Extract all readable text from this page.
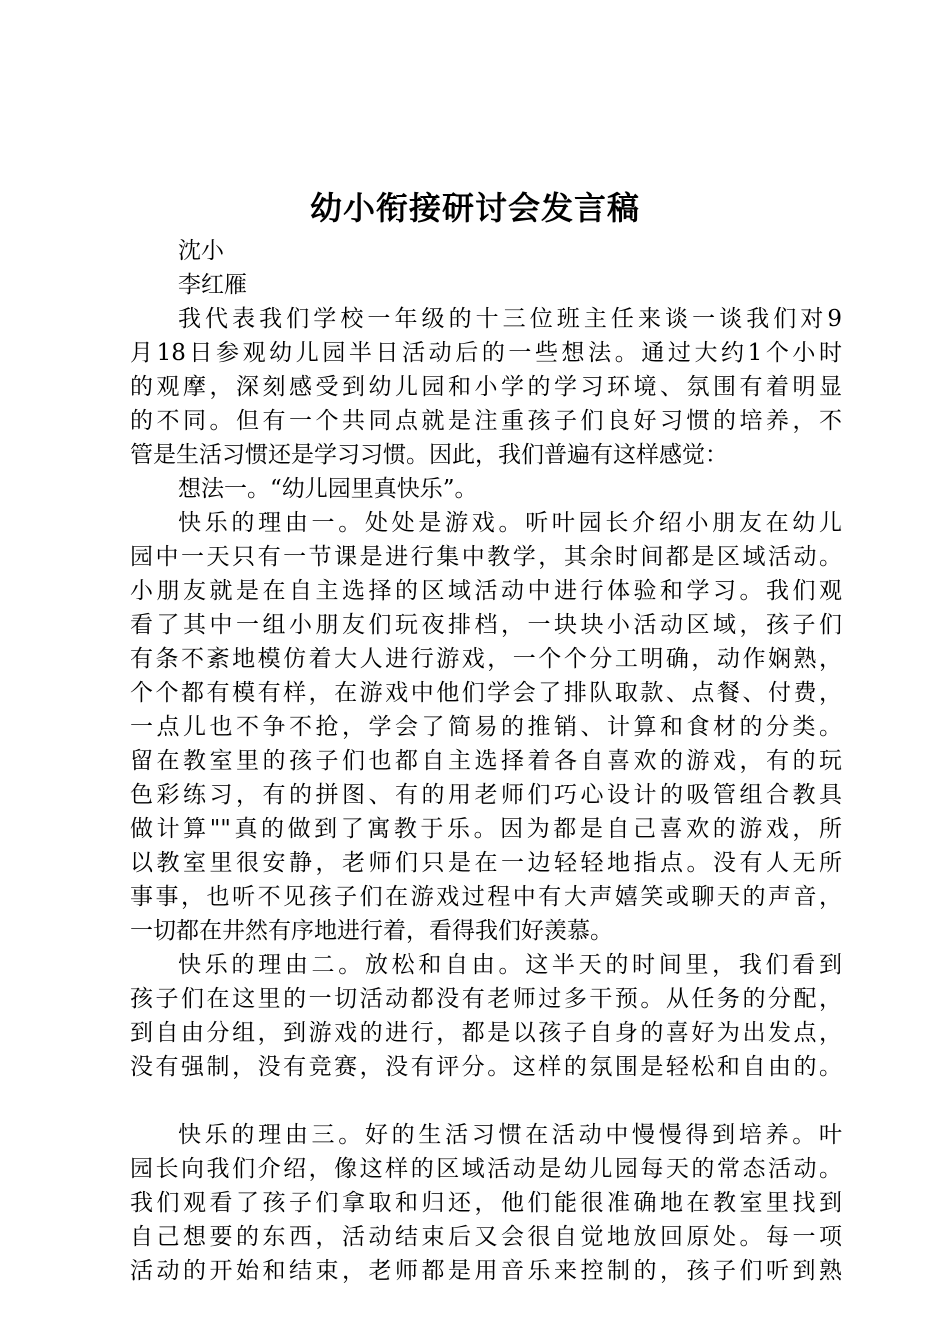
幼小衔接研讨会发言稿
沈小
李红雁
我代表我们学校一年级的十三位班主任来谈一谈我们对9
月18日参观幼儿园半日活动后的一些想法。通过大约1个小时
的观摩，深刻感受到幼儿园和小学的学习环境、氛围有着明显
的不同。但有一个共同点就是注重孩子们良好习惯的培养，不
管是生活习惯还是学习习惯。因此，我们普遍有这样感觉：
想法一。“幼儿园里真快乐”。
快乐的理由一。处处是游戏。听叶园长介绍小朋友在幼儿
园中一天只有一节课是进行集中教学，其余时间都是区域活动。
小朋友就是在自主选择的区域活动中进行体验和学习。我们观
看了其中一组小朋友们玩夜排档，一块块小活动区域，孩子们
有条不紊地模仿着大人进行游戏，一个个分工明确，动作娴熟，
个个都有模有样，在游戏中他们学会了排队取款、点餐、付费，
一点儿也不争不抢，学会了简易的推销、计算和食材的分类。
留在教室里的孩子们也都自主选择着各自喜欢的游戏，有的玩
色彩练习，有的拼图、有的用老师们巧心设计的吸管组合教具
做计算""真的做到了寓教于乐。因为都是自己喜欢的游戏，所
以教室里很安静，老师们只是在一边轻轻地指点。没有人无所
事事，也听不见孩子们在游戏过程中有大声嬉笑或聊天的声音，
一切都在井然有序地进行着，看得我们好羡慕。
快乐的理由二。放松和自由。这半天的时间里，我们看到
孩子们在这里的一切活动都没有老师过多干预。从任务的分配，
到自由分组，到游戏的进行，都是以孩子自身的喜好为出发点，
没有强制，没有竞赛，没有评分。这样的氛围是轻松和自由的。
快乐的理由三。好的生活习惯在活动中慢慢得到培养。叶
园长向我们介绍，像这样的区域活动是幼儿园每天的常态活动。
我们观看了孩子们拿取和归还，他们能很准确地在教室里找到
自己想要的东西，活动结束后又会很自觉地放回原处。每一项
活动的开始和结束，老师都是用音乐来控制的，孩子们听到熟
